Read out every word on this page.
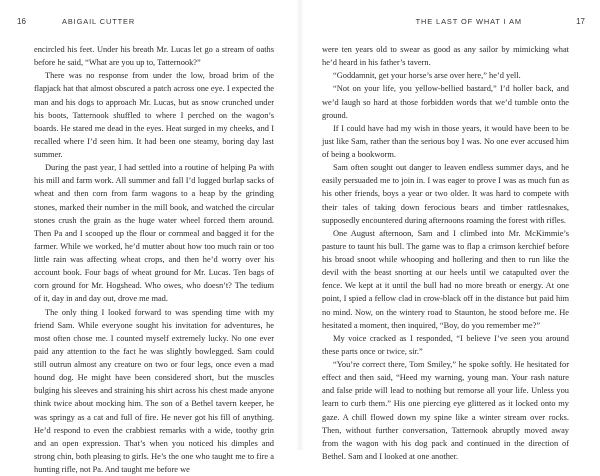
16	ABIGAIL CUTTER

encircled his feet. Under his breath Mr. Lucas let go a stream of oaths before he said, “What are you up to, Tatternook?”

There was no response from under the low, broad brim of the flapjack hat that almost obscured a patch across one eye. I expected the man and his dogs to approach Mr. Lucas, but as snow crunched under his boots, Tatternook shuffled to where I perched on the wagon’s boards. He stared me dead in the eyes. Heat surged in my cheeks, and I recalled where I’d seen him. It had been one steamy, boring day last summer.

During the past year, I had settled into a routine of helping Pa with his mill and farm work. All summer and fall I’d lugged burlap sacks of wheat and then corn from farm wagons to a heap by the grinding stones, marked their number in the mill book, and watched the circular stones crush the grain as the huge water wheel forced them around. Then Pa and I scooped up the flour or cornmeal and bagged it for the farmer. While we worked, he’d mutter about how too much rain or too little rain was affecting wheat crops, and then he’d worry over his account book. Four bags of wheat ground for Mr. Lucas. Ten bags of corn ground for Mr. Hogshead. Who owes, who doesn’t? The tedium of it, day in and day out, drove me mad.

The only thing I looked forward to was spending time with my friend Sam. While everyone sought his invitation for adventures, he most often chose me. I counted myself extremely lucky. No one ever paid any attention to the fact he was slightly bowlegged. Sam could still outrun almost any creature on two or four legs, once even a mad hound dog. He might have been considered short, but the muscles bulging his sleeves and straining his shirt across his chest made anyone think twice about mocking him. The son of a Bethel tavern keeper, he was springy as a cat and full of fire. He never got his fill of anything. He’d respond to even the crabbiest remarks with a wide, toothy grin and an open expression. That’s when you noticed his dimples and strong chin, both pleasing to girls. He’s the one who taught me to fire a hunting rifle, not Pa. And taught me before we

THE LAST OF WHAT I AM	17

were ten years old to swear as good as any sailor by mimicking what he’d heard in his father’s tavern.

“Goddamnit, get your horse’s arse over here,” he’d yell.

“Not on your life, you yellow-bellied bastard,” I’d holler back, and we’d laugh so hard at those forbidden words that we’d tumble onto the ground.

If I could have had my wish in those years, it would have been to be just like Sam, rather than the serious boy I was. No one ever accused him of being a bookworm.

Sam often sought out danger to leaven endless summer days, and he easily persuaded me to join in. I was eager to prove I was as much fun as his other friends, boys a year or two older. It was hard to compete with their tales of taking down ferocious bears and timber rattlesnakes, supposedly encountered during afternoons roaming the forest with rifles.

One August afternoon, Sam and I climbed into Mr. McKimmie’s pasture to taunt his bull. The game was to flap a crimson kerchief before his broad snoot while whooping and hollering and then to run like the devil with the beast snorting at our heels until we catapulted over the fence. We kept at it until the bull had no more breath or energy. At one point, I spied a fellow clad in crow-black off in the distance but paid him no mind. Now, on the wintery road to Staunton, he stood before me. He hesitated a moment, then inquired, “Boy, do you remember me?”

My voice cracked as I responded, “I believe I’ve seen you around these parts once or twice, sir.”

“You’re correct there, Tom Smiley,” he spoke softly. He hesitated for effect and then said, “Heed my warning, young man. Your rash nature and false pride will lead to nothing but remorse all your life. Unless you learn to curb them.” His one piercing eye glittered as it locked onto my gaze. A chill flowed down my spine like a winter stream over rocks. Then, without further conversation, Tatternook abruptly moved away from the wagon with his dog pack and continued in the direction of Bethel. Sam and I looked at one another.
